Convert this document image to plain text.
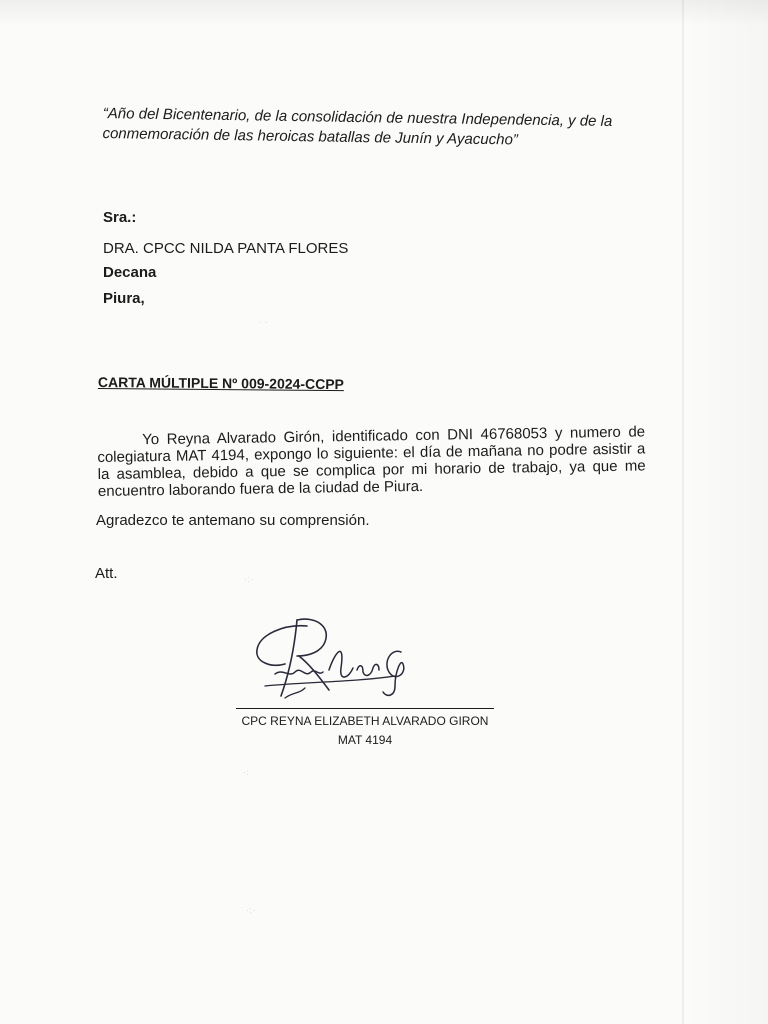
“Año del Bicentenario, de la consolidación de nuestra Independencia, y de la conmemoración de las heroicas batallas de Junín y Ayacucho”
Sra.:
DRA. CPCC NILDA PANTA FLORES
Decana
Piura,
CARTA MÚLTIPLE Nº 009-2024-CCPP
Yo Reyna Alvarado Girón, identificado con DNI 46768053 y numero de colegiatura MAT 4194, expongo lo siguiente: el día de mañana no podre asistir a la asamblea, debido a que se complica por mi horario de trabajo, ya que me encuentro laborando fuera de la ciudad de Piura.
Agradezco te antemano su comprensión.
Att.
CPC REYNA ELIZABETH ALVARADO GIRON
MAT 4194
· ·
·:·
·:
·:·
